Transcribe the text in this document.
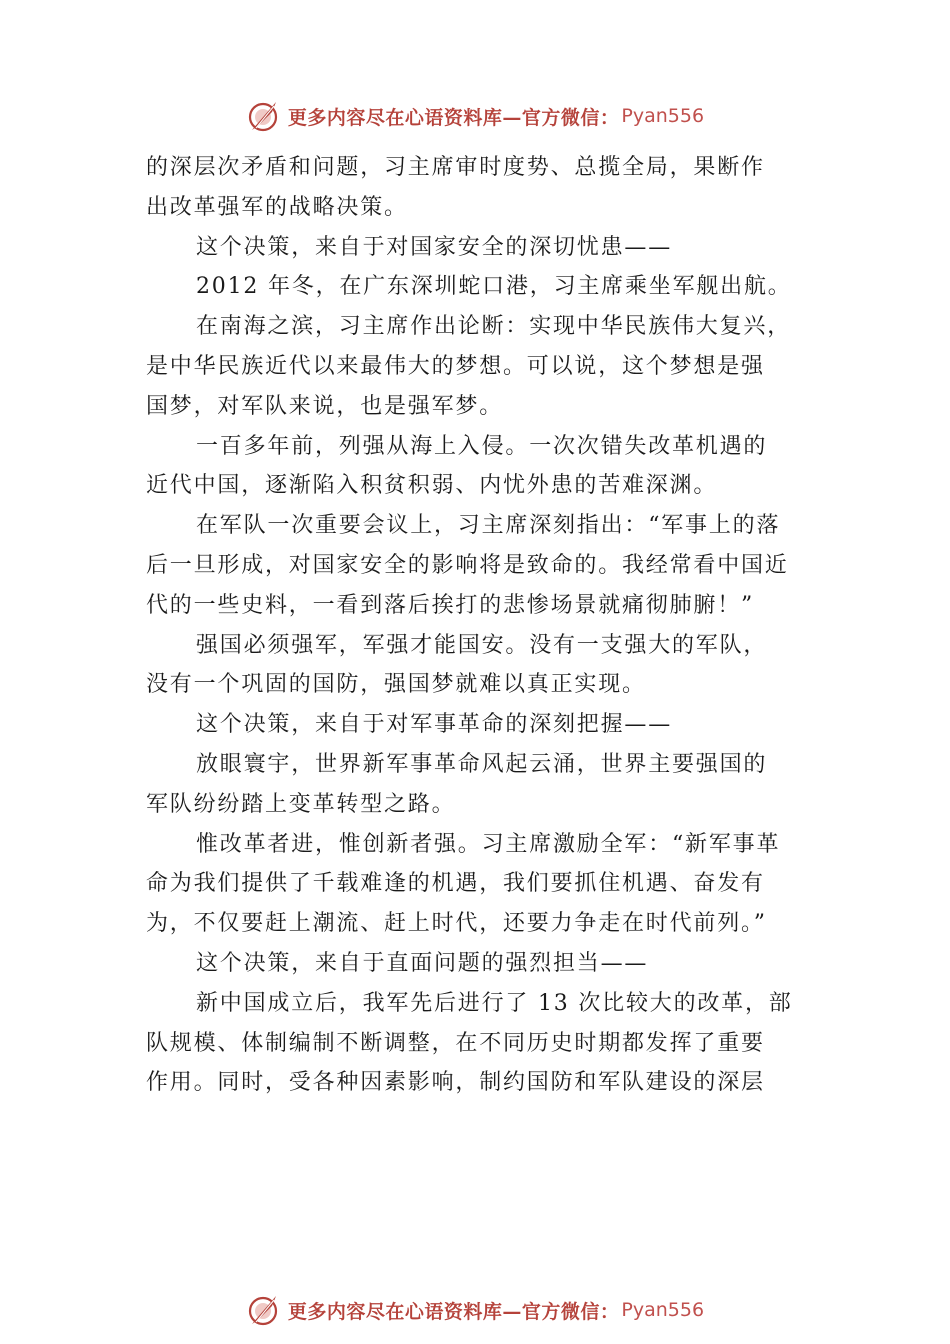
更多内容尽在心语资料库—官方微信： Pyan556
的深层次矛盾和问题，习主席审时度势、总揽全局，果断作
出改革强军的战略决策。
这个决策，来自于对国家安全的深切忧患——
2012 年冬，在广东深圳蛇口港，习主席乘坐军舰出航。
在南海之滨，习主席作出论断：实现中华民族伟大复兴，
是中华民族近代以来最伟大的梦想。可以说，这个梦想是强
国梦，对军队来说，也是强军梦。
一百多年前，列强从海上入侵。一次次错失改革机遇的
近代中国，逐渐陷入积贫积弱、内忧外患的苦难深渊。
在军队一次重要会议上，习主席深刻指出：“军事上的落
后一旦形成，对国家安全的影响将是致命的。我经常看中国近
代的一些史料，一看到落后挨打的悲惨场景就痛彻肺腑！”
强国必须强军，军强才能国安。没有一支强大的军队，
没有一个巩固的国防，强国梦就难以真正实现。
这个决策，来自于对军事革命的深刻把握——
放眼寰宇，世界新军事革命风起云涌，世界主要强国的
军队纷纷踏上变革转型之路。
惟改革者进，惟创新者强。习主席激励全军：“新军事革
命为我们提供了千载难逢的机遇，我们要抓住机遇、奋发有
为，不仅要赶上潮流、赶上时代，还要力争走在时代前列。”
这个决策，来自于直面问题的强烈担当——
新中国成立后，我军先后进行了 13 次比较大的改革，部
队规模、体制编制不断调整，在不同历史时期都发挥了重要
作用。同时，受各种因素影响，制约国防和军队建设的深层
更多内容尽在心语资料库—官方微信： Pyan556
